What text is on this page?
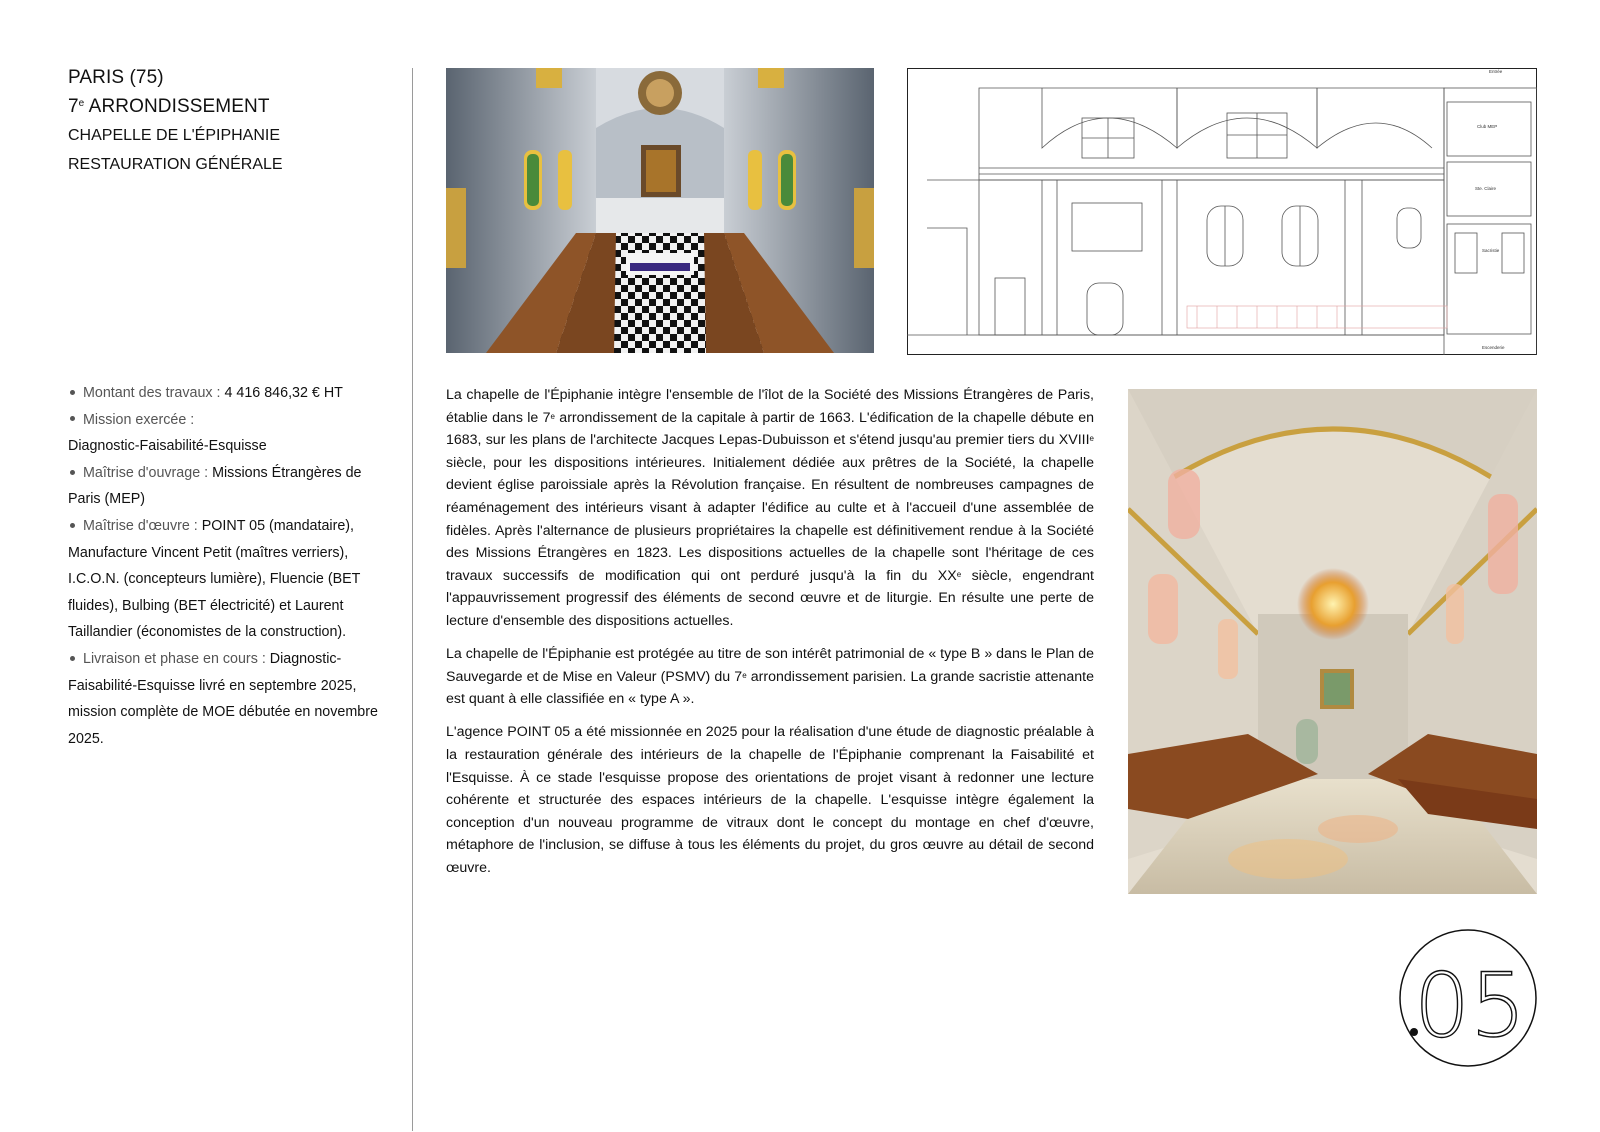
PARIS (75)
7e ARRONDISSEMENT
CHAPELLE DE L'ÉPIPHANIE
RESTAURATION GÉNÉRALE
Montant des travaux : 4 416 846,32 € HT
Mission exercée :
Diagnostic-Faisabilité-Esquisse
Maîtrise d'ouvrage : Missions Étrangères de Paris (MEP)
Maîtrise d'œuvre : POINT 05 (mandataire), Manufacture Vincent Petit (maîtres verriers), I.C.O.N. (concepteurs lumière), Fluencie (BET fluides), Bulbing (BET électricité) et Laurent Taillandier (économistes de la construction).
Livraison et phase en cours : Diagnostic-Faisabilité-Esquisse livré en septembre 2025, mission complète de MOE débutée en novembre 2025.
Entrée
Club MEP
Ste. Claire
Sacristie
Escenderie

La chapelle de l'Épiphanie intègre l'ensemble de l'îlot de la Société des Missions Étrangères de Paris, établie dans le 7e arrondissement de la capitale à partir de 1663. L'édification de la chapelle débute en 1683, sur les plans de l'architecte Jacques Lepas-Dubuisson et s'étend jusqu'au premier tiers du XVIIIe siècle, pour les dispositions intérieures. Initialement dédiée aux prêtres de la Société, la chapelle devient église paroissiale après la Révolution française. En résultent de nombreuses campagnes de réaménagement des intérieurs visant à adapter l'édifice au culte et à l'accueil d'une assemblée de fidèles. Après l'alternance de plusieurs propriétaires la chapelle est définitivement rendue à la Société des Missions Étrangères en 1823. Les dispositions actuelles de la chapelle sont l'héritage de ces travaux successifs de modification qui ont perduré jusqu'à la fin du XXe siècle, engendrant l'appauvrissement progressif des éléments de second œuvre et de liturgie. En résulte une perte de lecture d'ensemble des dispositions actuelles.

La chapelle de l'Épiphanie est protégée au titre de son intérêt patrimonial de « type B » dans le Plan de Sauvegarde et de Mise en Valeur (PSMV) du 7e arrondissement parisien. La grande sacristie attenante est quant à elle classifiée en « type A ».

L'agence POINT 05 a été missionnée en 2025 pour la réalisation d'une étude de diagnostic préalable à la restauration générale des intérieurs de la chapelle de l'Épiphanie comprenant la Faisabilité et l'Esquisse. À ce stade l'esquisse propose des orientations de projet visant à redonner une lecture cohérente et structurée des espaces intérieurs de la chapelle. L'esquisse intègre également la conception d'un nouveau programme de vitraux dont le concept du montage en chef d'œuvre, métaphore de l'inclusion, se diffuse à tous les éléments du projet, du gros œuvre au détail de second œuvre.

05
